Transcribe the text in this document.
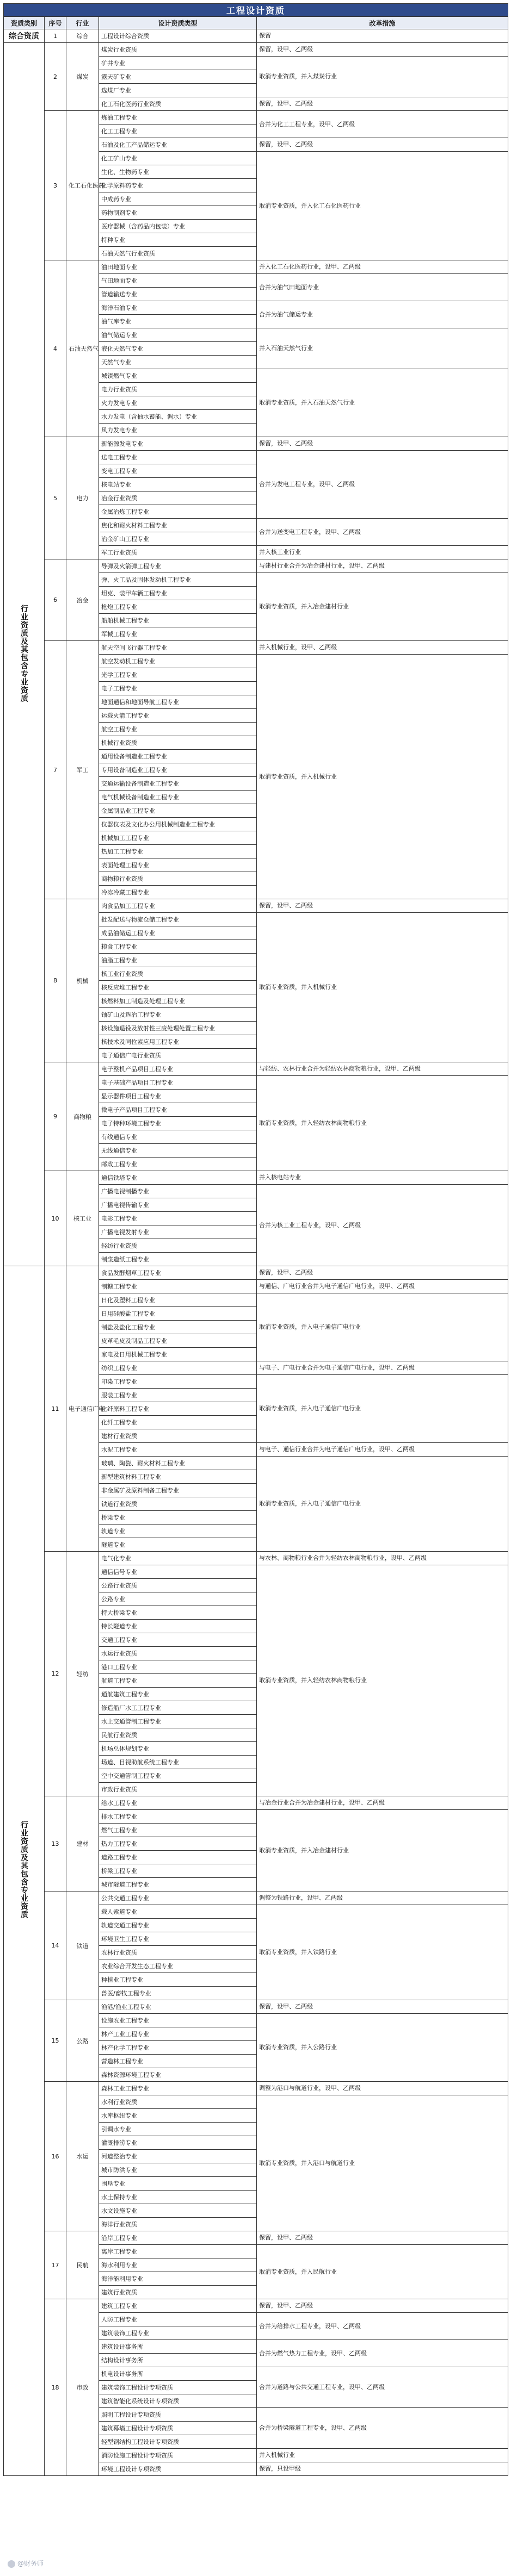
工程设计资质				
资质类别	序号	行业	设计资质类型	改革措施
综合资质	1	综合	工程设计综合资质	保留
行业资质及其包含专业资质	2	煤炭	煤炭行业资质	保留，设甲、乙两级
			矿井专业	取消专业资质，并入煤炭行业
			露天矿专业	
			选煤厂专业	
			化工石化医药行业资质	保留，设甲、乙两级
	3	化工石化医药	炼油工程专业	合并为化工工程专业，设甲、乙两级
			化工工程专业	
			石油及化工产品储运专业	保留，设甲、乙两级
			化工矿山专业	取消专业资质，并入化工石化医药行业
			生化、生物药专业	
			化学原料药专业	
			中成药专业	
			药物制剂专业	
			医疗器械（含药品内包装）专业	
			特种专业	
			石油天然气行业资质	
	4	石油天然气	油田地面专业	并入化工石化医药行业，设甲、乙两级
			气田地面专业	合并为油气田地面专业
			管道输送专业	
			海洋石油专业	合并为油气储运专业
			油气库专业	
			油气储运专业	并入石油天然气行业
			液化天然气专业	
			天然气专业	
			城镇燃气专业	取消专业资质，并入石油天然气行业
			电力行业资质	
			火力发电专业	
			水力发电（含抽水蓄能、调水）专业	
			风力发电专业	
	5	电力	新能源发电专业	保留，设甲、乙两级
			送电工程专业	合并为发电工程专业，设甲、乙两级
			变电工程专业	
			核电站专业	
			冶金行业资质	
			金属冶炼工程专业	
			焦化和耐火材料工程专业	合并为送变电工程专业，设甲、乙两级
			冶金矿山工程专业	
			军工行业资质	并入核工业行业
	6	冶金	导弹及火箭弹工程专业	与建材行业合并为冶金建材行业，设甲、乙两级
			弹、火工品及固体发动机工程专业	取消专业资质，并入冶金建材行业
			坦克、装甲车辆工程专业	
			枪炮工程专业	
			船舶机械工程专业	
			军械工程专业	
	7	军工	航天空间飞行器工程专业	并入机械行业，设甲、乙两级
			航空发动机工程专业	取消专业资质，并入机械行业
			光学工程专业	
			电子工程专业	
			地面通信和地面导航工程专业	
			运载火箭工程专业	
			航空工程专业	
			机械行业资质	
			通用设备制造业工程专业	
			专用设备制造业工程专业	
			交通运输设备制造业工程专业	
			电气机械设备制造业工程专业	
			金属制品业工程专业	
			仪器仪表及文化办公用机械制造业工程专业	
			机械加工工程专业	
			热加工工程专业	
			表面处理工程专业	
			商物粮行业资质	
			冷冻冷藏工程专业	
	8	机械	肉食品加工工程专业	保留，设甲、乙两级
			批发配送与物流仓储工程专业	取消专业资质，并入机械行业
			成品油储运工程专业	
			粮食工程专业	
			油脂工程专业	
			核工业行业资质	
			核反应堆工程专业	
			核燃料加工制造及处理工程专业	
			铀矿山及选冶工程专业	
			核设施退役及放射性三废处理处置工程专业	
			核技术及同位素应用工程专业	
			电子通信广电行业资质	
	9	商物粮	电子整机产品项目工程专业	与轻纺、农林行业合并为轻纺农林商物粮行业，设甲、乙两级
			电子基础产品项目工程专业	取消专业资质，并入轻纺农林商物粮行业
			显示器件项目工程专业	
			微电子产品项目工程专业	
			电子特种环境工程专业	
			有线通信专业	
			无线通信专业	
			邮政工程专业	
	10	核工业	通信铁塔专业	并入核电站专业
			广播电视制播专业	合并为核工业工程专业，设甲、乙两级
			广播电视传输专业	
			电影工程专业	
			广播电视发射专业	
			轻纺行业资质	
			制浆造纸工程专业	
行业资质及其包含专业资质	11	电子通信广电	食品发酵烟草工程专业	保留，设甲、乙两级
			制糖工程专业	与通信、广电行业合并为电子通信广电行业，设甲、乙两级
			日化及塑料工程专业	取消专业资质，并入电子通信广电行业
			日用硅酸盐工程专业	
			制盐及盐化工程专业	
			皮革毛皮及制品工程专业	
			家电及日用机械工程专业	
			纺织工程专业	与电子、广电行业合并为电子通信广电行业，设甲、乙两级
			印染工程专业	取消专业资质，并入电子通信广电行业
			服装工程专业	
			化纤原料工程专业	
			化纤工程专业	
			建材行业资质	
			水泥工程专业	与电子、通信行业合并为电子通信广电行业，设甲、乙两级
			玻璃、陶瓷、耐火材料工程专业	取消专业资质，并入电子通信广电行业
			新型建筑材料工程专业	
			非金属矿及原料制备工程专业	
			铁道行业资质	
			桥梁专业	
			轨道专业	
			隧道专业	
	12	轻纺	电气化专业	与农林、商物粮行业合并为轻纺农林商物粮行业，设甲、乙两级
			通信信号专业	取消专业资质，并入轻纺农林商物粮行业
			公路行业资质	
			公路专业	
			特大桥梁专业	
			特长隧道专业	
			交通工程专业	
			水运行业资质	
			港口工程专业	
			航道工程专业	
			通航建筑工程专业	
			修造船厂水工工程专业	
			水上交通管制工程专业	
			民航行业资质	
			机场总体规划专业	
			场道、目视助航系统工程专业	
			空中交通管制工程专业	
			市政行业资质	
	13	建材	给水工程专业	与冶金行业合并为冶金建材行业，设甲、乙两级
			排水工程专业	取消专业资质，并入冶金建材行业
			燃气工程专业	
			热力工程专业	
			道路工程专业	
			桥梁工程专业	
			城市隧道工程专业	
	14	铁道	公共交通工程专业	调整为铁路行业，设甲、乙两级
			载人索道专业	取消专业资质，并入铁路行业
			轨道交通工程专业	
			环境卫生工程专业	
			农林行业资质	
			农业综合开发生态工程专业	
			种植业工程专业	
			兽医/畜牧工程专业	
	15	公路	渔港/渔业工程专业	保留，设甲、乙两级
			设施农业工程专业	取消专业资质，并入公路行业
			林产工业工程专业	
			林产化学工程专业	
			营造林工程专业	
			森林资源环境工程专业	
	16	水运	森林工业工程专业	调整为港口与航道行业，设甲、乙两级
			水利行业资质	取消专业资质，并入港口与航道行业
			水库枢纽专业	
			引调水专业	
			灌溉排涝专业	
			河道整治专业	
			城市防洪专业	
			围垦专业	
			水土保持专业	
			水文设施专业	
			海洋行业资质	
	17	民航	沿岸工程专业	保留，设甲、乙两级
			离岸工程专业	取消专业资质，并入民航行业
			海水利用专业	
			海洋能利用专业	
			建筑行业资质	
	18	市政	建筑工程专业	保留，设甲、乙两级
			人防工程专业	合并为给排水工程专业，设甲、乙两级
			建筑装饰工程专业	
			建筑设计事务所	合并为燃气热力工程专业，设甲、乙两级
			结构设计事务所	
			机电设计事务所	合并为道路与公共交通工程专业，设甲、乙两级
			建筑装饰工程设计专项资质	
			建筑智能化系统设计专项资质	
			照明工程设计专项资质	合并为桥梁隧道工程专业，设甲、乙两级
			建筑幕墙工程设计专项资质	
			轻型钢结构工程设计专项资质	
			消防设施工程设计专项资质	并入机械行业
			环境工程设计专项资质	保留，只设甲级
@财务师
